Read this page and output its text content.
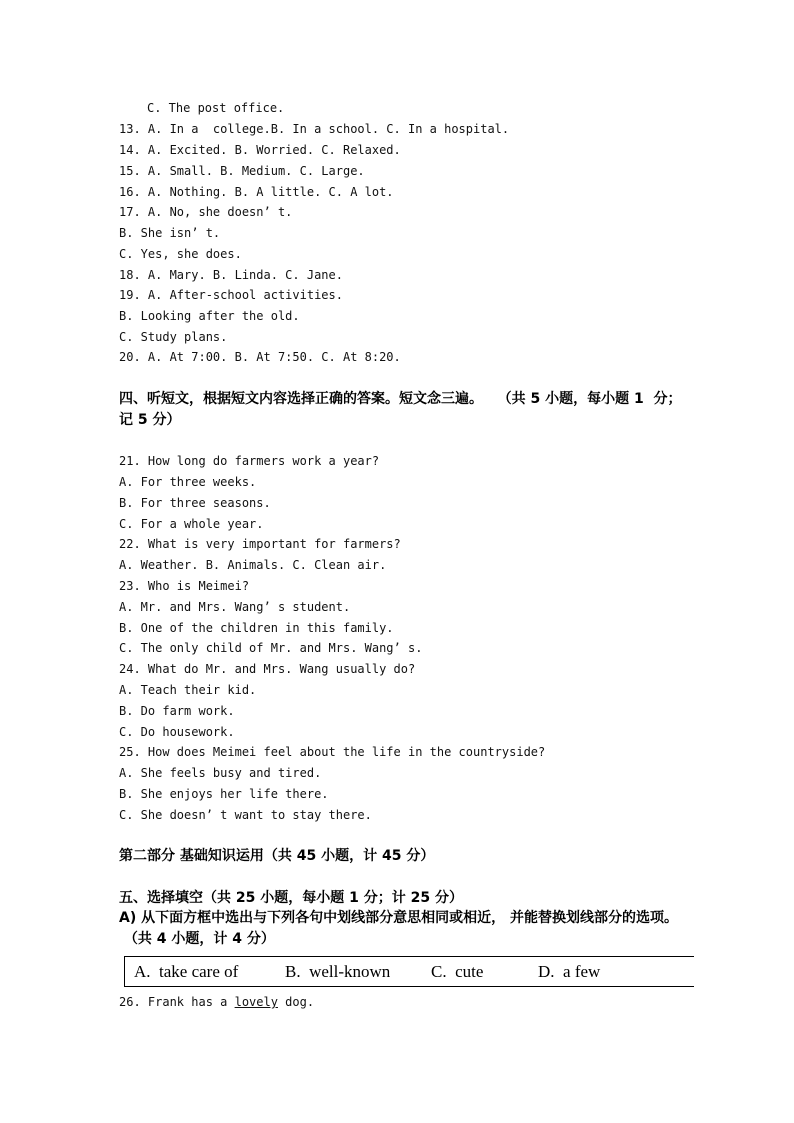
C. The post office.
13. A. In a  college.B. In a school. C. In a hospital.
14. A. Excited. B. Worried. C. Relaxed.
15. A. Small. B. Medium. C. Large.
16. A. Nothing. B. A little. C. A lot.
17. A. No, she doesn’ t.
B. She isn’ t.
C. Yes, she does.
18. A. Mary. B. Linda. C. Jane.
19. A. After-school activities.
B. Looking after the old.
C. Study plans.
20. A. At 7:00. B. At 7:50. C. At 8:20.
四、听短文，根据短文内容选择正确的答案。短文念三遍。   （共 5 小题，每小题 1  分；
记 5 分）
21. How long do farmers work a year?
A. For three weeks.
B. For three seasons.
C. For a whole year.
22. What is very important for farmers?
A. Weather. B. Animals. C. Clean air.
23. Who is Meimei?
A. Mr. and Mrs. Wang’ s student.
B. One of the children in this family.
C. The only child of Mr. and Mrs. Wang’ s.
24. What do Mr. and Mrs. Wang usually do?
A. Teach their kid.
B. Do farm work.
C. Do housework.
25. How does Meimei feel about the life in the countryside?
A. She feels busy and tired.
B. She enjoys her life there.
C. She doesn’ t want to stay there.
第二部分 基础知识运用（共 45 小题，计 45 分）
五、选择填空（共 25 小题，每小题 1 分；计 25 分）
A) 从下面方框中选出与下列各句中划线部分意思相同或相近， 并能替换划线部分的选项。
（共 4 小题，计 4 分）
A.  take care of	B.  well-known C.  cute	D.  a few
26. Frank has a lovely dog.
